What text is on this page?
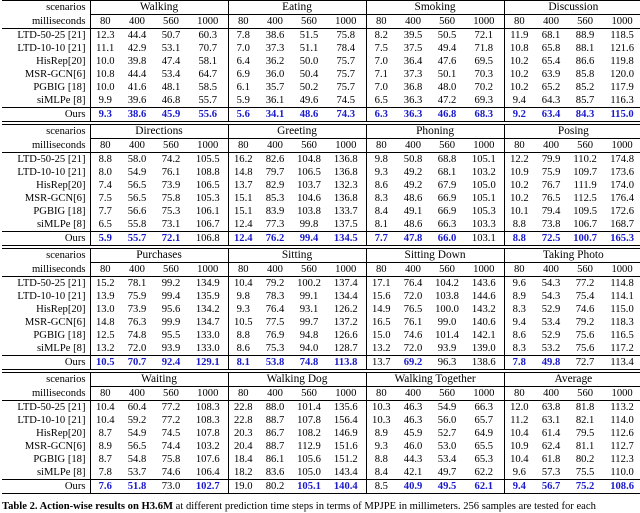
scenarios	Walking				Eating				Smoking				Discussion			
milliseconds	80	400	560	1000	80	400	560	1000	80	400	560	1000	80	400	560	1000
LTD-50-25 [21]	12.3	44.4	50.7	60.3	7.8	38.6	51.5	75.8	8.2	39.5	50.5	72.1	11.9	68.1	88.9	118.5
LTD-10-10 [21]	11.1	42.9	53.1	70.7	7.0	37.3	51.1	78.4	7.5	37.5	49.4	71.8	10.8	65.8	88.1	121.6
HisRep[20]	10.0	39.8	47.4	58.1	6.4	36.2	50.0	75.7	7.0	36.4	47.6	69.5	10.2	65.4	86.6	119.8
MSR-GCN[6]	10.8	44.4	53.4	64.7	6.9	36.0	50.4	75.7	7.1	37.3	50.1	70.3	10.2	63.9	85.8	120.0
PGBIG [18]	10.0	41.6	48.1	58.5	6.1	35.7	50.2	75.7	7.0	36.8	48.0	70.2	10.2	65.2	85.2	117.9
siMLPe [8]	9.9	39.6	46.8	55.7	5.9	36.1	49.6	74.5	6.5	36.3	47.2	69.3	9.4	64.3	85.7	116.3
Ours	9.3	38.6	45.9	55.6	5.6	34.1	48.6	74.3	6.3	36.3	46.8	68.3	9.2	63.4	84.3	115.0
scenarios	Directions				Greeting				Phoning				Posing			
milliseconds	80	400	560	1000	80	400	560	1000	80	400	560	1000	80	400	560	1000
LTD-50-25 [21]	8.8	58.0	74.2	105.5	16.2	82.6	104.8	136.8	9.8	50.8	68.8	105.1	12.2	79.9	110.2	174.8
LTD-10-10 [21]	8.0	54.9	76.1	108.8	14.8	79.7	106.5	136.8	9.3	49.2	68.1	103.2	10.9	75.9	109.7	173.6
HisRep[20]	7.4	56.5	73.9	106.5	13.7	82.9	103.7	132.3	8.6	49.2	67.9	105.0	10.2	76.7	111.9	174.0
MSR-GCN[6]	7.5	56.5	75.8	105.3	15.1	85.3	104.6	136.8	8.3	48.6	66.9	105.1	10.2	76.5	112.5	176.4
PGBIG [18]	7.7	56.6	75.3	106.1	15.1	83.9	103.8	133.7	8.4	49.1	66.9	105.3	10.1	79.4	109.5	172.6
siMLPe [8]	6.5	55.8	73.1	106.7	12.4	77.3	99.8	137.5	8.1	48.6	66.3	103.3	8.8	73.8	106.7	168.7
Ours	5.9	55.7	72.1	106.8	12.4	76.2	99.4	134.5	7.7	47.8	66.0	103.1	8.8	72.5	100.7	165.3
scenarios	Purchases				Sitting				Sitting Down				Taking Photo			
milliseconds	80	400	560	1000	80	400	560	1000	80	400	560	1000	80	400	560	1000
LTD-50-25 [21]	15.2	78.1	99.2	134.9	10.4	79.2	100.2	137.4	17.1	76.4	104.2	143.6	9.6	54.3	77.2	114.8
LTD-10-10 [21]	13.9	75.9	99.4	135.9	9.8	78.3	99.1	134.4	15.6	72.0	103.8	144.6	8.9	54.3	75.4	114.1
HisRep[20]	13.0	73.9	95.6	134.2	9.3	76.4	93.1	126.2	14.9	76.5	100.0	143.2	8.3	52.9	74.6	115.0
MSR-GCN[6]	14.8	76.3	99.9	134.7	10.5	77.5	99.7	137.2	16.5	76.1	99.0	140.6	9.4	53.4	79.2	118.3
PGBIG [18]	12.5	74.8	95.5	133.0	8.8	76.9	94.8	126.6	15.0	74.6	101.4	142.1	8.6	52.9	75.6	116.5
siMLPe [8]	13.2	72.0	93.9	133.0	8.6	75.3	94.0	128.7	13.2	72.0	93.9	139.0	8.3	53.2	75.6	117.2
Ours	10.5	70.7	92.4	129.1	8.1	53.8	74.8	113.8	13.7	69.2	96.3	138.6	7.8	49.8	72.7	113.4
scenarios	Waiting				Walking Dog				Walking Together				Average			
milliseconds	80	400	560	1000	80	400	560	1000	80	400	560	1000	80	400	560	1000
LTD-50-25 [21]	10.4	60.4	77.2	108.3	22.8	88.0	101.4	135.6	10.3	46.3	54.9	66.3	12.0	63.8	81.8	113.2
LTD-10-10 [21]	10.4	59.2	77.2	108.3	22.8	88.7	107.8	156.4	10.3	46.3	56.0	65.7	11.2	63.1	82.1	114.0
HisRep[20]	8.7	54.9	74.5	107.8	20.3	86.7	108.2	146.9	8.9	45.9	52.7	64.9	10.4	61.4	79.5	112.6
MSR-GCN[6]	8.9	56.5	74.4	103.2	20.4	88.7	112.9	151.6	9.3	46.0	53.0	65.5	10.9	62.4	81.1	112.7
PGBIG [18]	8.7	54.8	75.8	107.6	18.4	86.1	105.6	151.2	8.8	44.3	53.4	65.3	10.4	61.8	80.2	112.3
siMLPe [8]	7.8	53.7	74.6	106.4	18.2	83.6	105.0	143.4	8.4	42.1	49.7	62.2	9.6	57.3	75.5	110.0
Ours	7.6	51.8	73.0	102.7	19.0	80.2	105.1	140.4	8.5	40.9	49.5	62.1	9.4	56.7	75.2	108.6
Table 2. Action-wise results on H3.6M at different prediction time steps in terms of MPJPE in millimeters. 256 samples are tested for each
